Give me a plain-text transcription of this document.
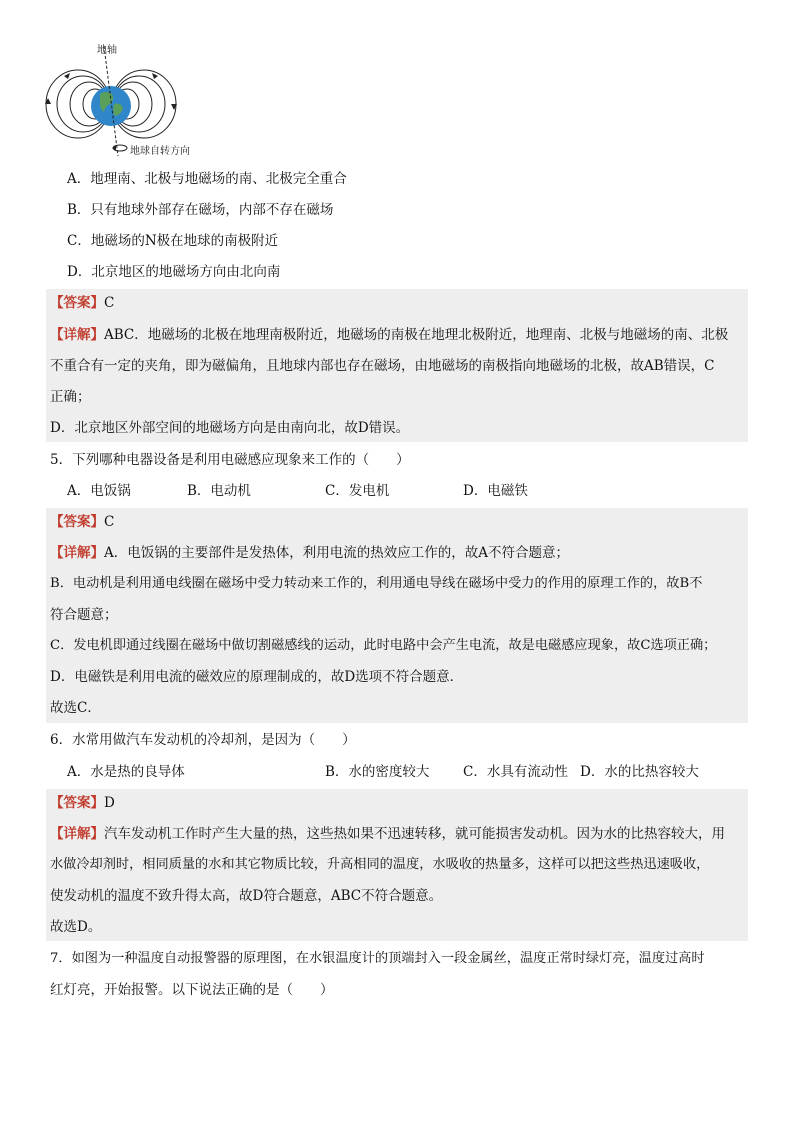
地轴
地球自转方向
A．地理南、北极与地磁场的南、北极完全重合
B．只有地球外部存在磁场，内部不存在磁场
C．地磁场的N极在地球的南极附近
D．北京地区的地磁场方向由北向南
【答案】C
【详解】ABC．地磁场的北极在地理南极附近，地磁场的南极在地理北极附近，地理南、北极与地磁场的南、北极
不重合有一定的夹角，即为磁偏角，且地球内部也存在磁场，由地磁场的南极指向地磁场的北极，故AB错误，C
正确；
D．北京地区外部空间的地磁场方向是由南向北，故D错误。
5．下列哪种电器设备是利用电磁感应现象来工作的（　　）
A．电饭锅	B．电动机	C．发电机	D．电磁铁
【答案】C
【详解】A．电饭锅的主要部件是发热体，利用电流的热效应工作的，故A不符合题意；
B．电动机是利用通电线圈在磁场中受力转动来工作的，利用通电导线在磁场中受力的作用的原理工作的，故B不
符合题意；
C．发电机即通过线圈在磁场中做切割磁感线的运动，此时电路中会产生电流，故是电磁感应现象，故C选项正确；
D．电磁铁是利用电流的磁效应的原理制成的，故D选项不符合题意．
故选C．
6．水常用做汽车发动机的冷却剂，是因为（　　）
A．水是热的良导体	B．水的密度较大 C．水具有流动性 D．水的比热容较大
【答案】D
【详解】汽车发动机工作时产生大量的热，这些热如果不迅速转移，就可能损害发动机。因为水的比热容较大，用
水做冷却剂时，相同质量的水和其它物质比较，升高相同的温度，水吸收的热量多，这样可以把这些热迅速吸收，
使发动机的温度不致升得太高，故D符合题意，ABC不符合题意。
故选D。
7．如图为一种温度自动报警器的原理图，在水银温度计的顶端封入一段金属丝，温度正常时绿灯亮，温度过高时
红灯亮，开始报警。以下说法正确的是（　　）
